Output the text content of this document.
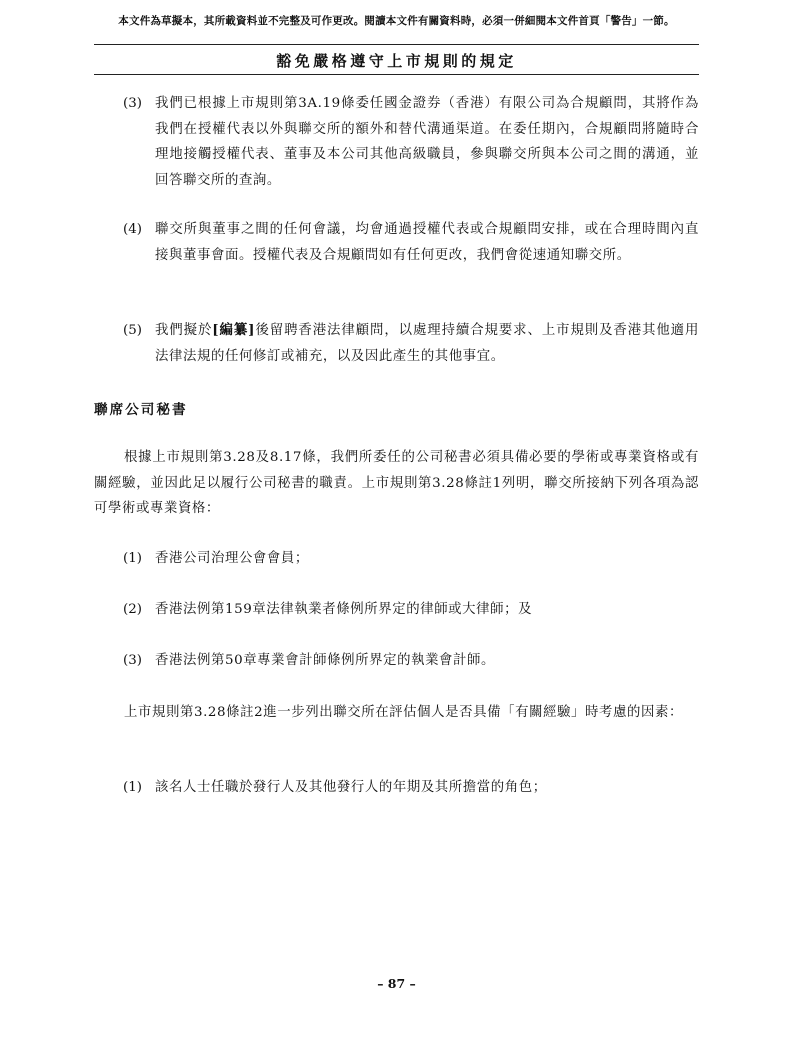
本文件為草擬本，其所載資料並不完整及可作更改。閱讀本文件有關資料時，必須一併細閱本文件首頁「警告」一節。
豁免嚴格遵守上市規則的規定
(3) 我們已根據上市規則第3A.19條委任國金證券（香港）有限公司為合規顧問，其將作為我們在授權代表以外與聯交所的額外和替代溝通渠道。在委任期內，合規顧問將隨時合理地接觸授權代表、董事及本公司其他高級職員，參與聯交所與本公司之間的溝通，並回答聯交所的查詢。
(4) 聯交所與董事之間的任何會議，均會通過授權代表或合規顧問安排，或在合理時間內直接與董事會面。授權代表及合規顧問如有任何更改，我們會從速通知聯交所。
(5) 我們擬於[編纂]後留聘香港法律顧問，以處理持續合規要求、上市規則及香港其他適用法律法規的任何修訂或補充，以及因此產生的其他事宜。
聯席公司秘書
根據上市規則第3.28及8.17條，我們所委任的公司秘書必須具備必要的學術或專業資格或有關經驗，並因此足以履行公司秘書的職責。上市規則第3.28條註1列明，聯交所接納下列各項為認可學術或專業資格：
(1) 香港公司治理公會會員；
(2) 香港法例第159章法律執業者條例所界定的律師或大律師；及
(3) 香港法例第50章專業會計師條例所界定的執業會計師。
上市規則第3.28條註2進一步列出聯交所在評估個人是否具備「有關經驗」時考慮的因素：
(1) 該名人士任職於發行人及其他發行人的年期及其所擔當的角色；
– 87 –
